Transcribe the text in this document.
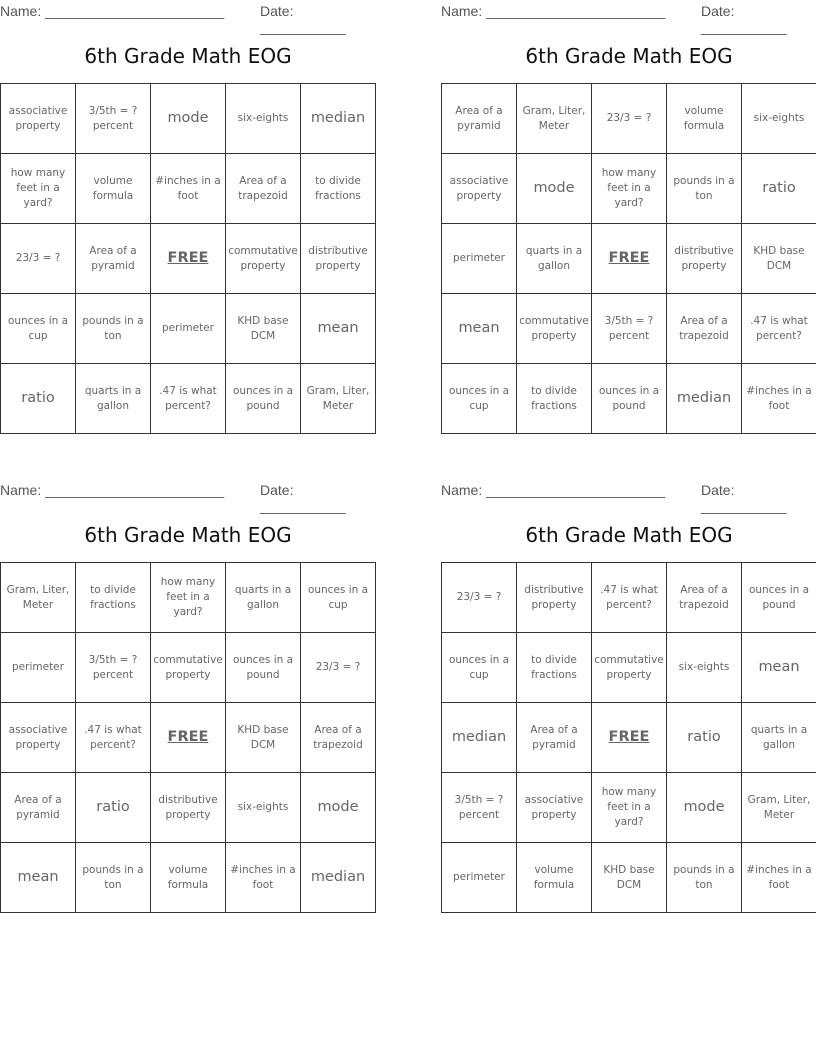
Name: _______________________	Date: ___________
6th Grade Math EOG
associative property	3/5th = ? percent	mode	six-eights	median
how many feet in a yard?	volume formula	#inches in a foot	Area of a trapezoid	to divide fractions
23/3 = ?	Area of a pyramid	FREE	commutative property	distributive property
ounces in a cup	pounds in a ton	perimeter	KHD base DCM	mean
ratio	quarts in a gallon	.47 is what percent?	ounces in a pound	Gram, Liter, Meter
Name: _______________________	Date: ___________
6th Grade Math EOG
Area of a pyramid	Gram, Liter, Meter	23/3 = ?	volume formula	six-eights
associative property	mode	how many feet in a yard?	pounds in a ton	ratio
perimeter	quarts in a gallon	FREE	distributive property	KHD base DCM
mean	commutative property	3/5th = ? percent	Area of a trapezoid	.47 is what percent?
ounces in a cup	to divide fractions	ounces in a pound	median	#inches in a foot
Name: _______________________	Date: ___________
6th Grade Math EOG
Gram, Liter, Meter	to divide fractions	how many feet in a yard?	quarts in a gallon	ounces in a cup
perimeter	3/5th = ? percent	commutative property	ounces in a pound	23/3 = ?
associative property	.47 is what percent?	FREE	KHD base DCM	Area of a trapezoid
Area of a pyramid	ratio	distributive property	six-eights	mode
mean	pounds in a ton	volume formula	#inches in a foot	median
Name: _______________________	Date: ___________
6th Grade Math EOG
23/3 = ?	distributive property	.47 is what percent?	Area of a trapezoid	ounces in a pound
ounces in a cup	to divide fractions	commutative property	six-eights	mean
median	Area of a pyramid	FREE	ratio	quarts in a gallon
3/5th = ? percent	associative property	how many feet in a yard?	mode	Gram, Liter, Meter
perimeter	volume formula	KHD base DCM	pounds in a ton	#inches in a foot
